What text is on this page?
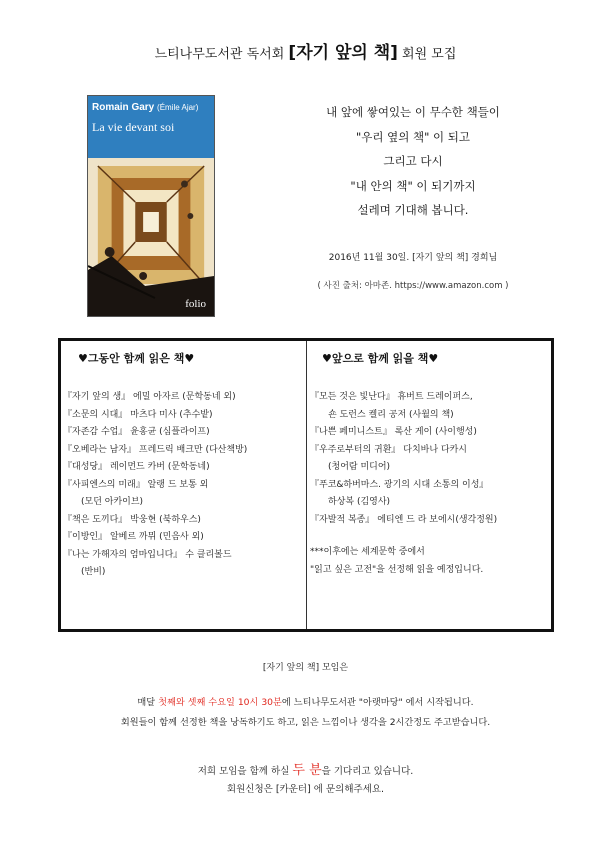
느티나무도서관 독서회 [자기 앞의 책] 회원 모집
Romain Gary (Émile Ajar)
La vie devant soi
folio
내 앞에 쌓여있는 이 무수한 책들이
"우리 옆의 책" 이 되고
그리고 다시
"내 안의 책" 이 되기까지
설레며 기대해 봅니다.
2016년 11월 30일. [자기 앞의 책] 경희님
( 사진 출처: 아마존. https://www.amazon.com )
♥그동안 함께 읽은 책♥
『자기 앞의 생』 에밀 아자르 (문학동네 외)
『소문의 시대』 마츠다 미사 (추수밭)
『자존감 수업』 윤홍균 (심플라이프)
『오베라는 남자』 프레드릭 배크만 (다산책방)
『대성당』 레이먼드 카버 (문학동네)
『사피엔스의 미래』 알랭 드 보통 외
(모던 아카이브)
『책은 도끼다』 박웅현 (북하우스)
『이방인』 알베르 까뮈 (민음사 외)
『나는 가해자의 엄마입니다』 수 클리볼드
(반비)
♥앞으로 함께 읽을 책♥
『모든 것은 빛난다』 휴버트 드레이퍼스,
숀 도런스 켈리 공저 (사월의 책)
『나쁜 페미니스트』 록산 게이 (사이행성)
『우주로부터의 귀환』 다치바나 다카시
(청어람 미디어)
『푸코&하버마스. 광기의 시대 소통의 이성』
하상복 (김영사)
『자발적 복종』 에티엔 드 라 보에시(생각정원)
***이후에는 세계문학 중에서
"읽고 싶은 고전"을 선정해 읽을 예정입니다.
[자기 앞의 책] 모임은
매달 첫째와 셋째 수요일 10시 30분에 느티나무도서관 "아랫마당" 에서 시작됩니다.
회원들이 함께 선정한 책을 낭독하기도 하고, 읽은 느낌이나 생각을 2시간정도 주고받습니다.
저희 모임을 함께 하실 두 분을 기다리고 있습니다.
회원신청은 [카운터] 에 문의해주세요.
